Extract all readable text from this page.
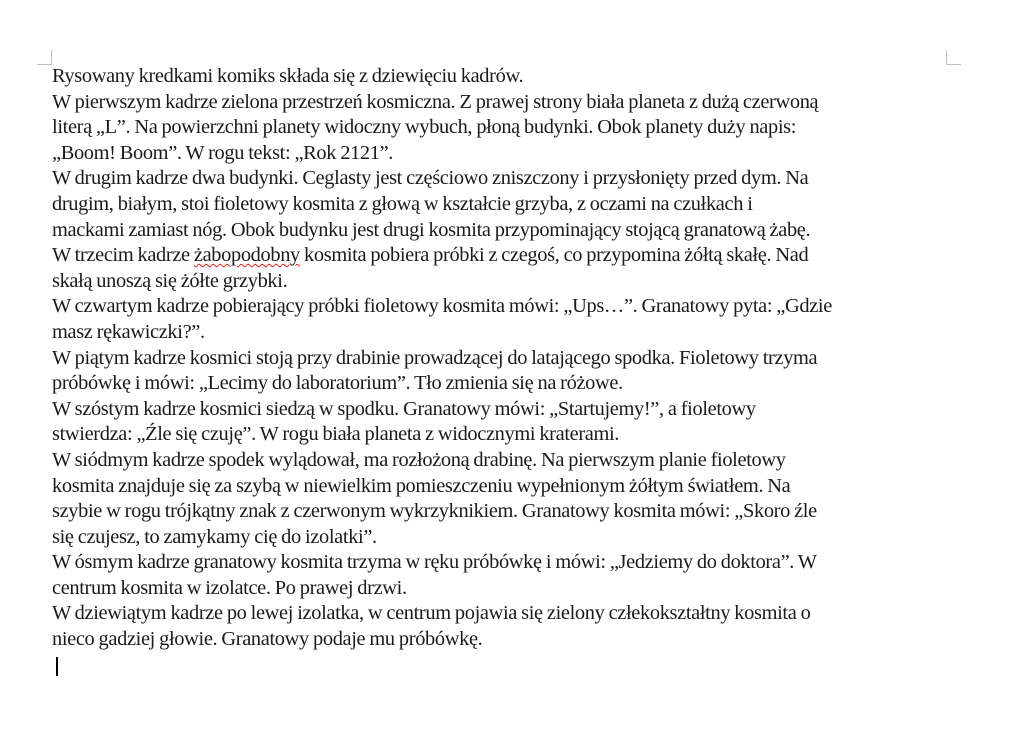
Rysowany kredkami komiks składa się z dziewięciu kadrów.

W pierwszym kadrze zielona przestrzeń kosmiczna. Z prawej strony biała planeta z dużą czerwoną
literą „L”. Na powierzchni planety widoczny wybuch, płoną budynki. Obok planety duży napis:
„Boom! Boom”. W rogu tekst: „Rok 2121”.

W drugim kadrze dwa budynki. Ceglasty jest częściowo zniszczony i przysłonięty przed dym. Na
drugim, białym, stoi fioletowy kosmita z głową w kształcie grzyba, z oczami na czułkach i
mackami zamiast nóg. Obok budynku jest drugi kosmita przypominający stojącą granatową żabę.

W trzecim kadrze żabopodobny kosmita pobiera próbki z czegoś, co przypomina żółtą skałę. Nad
skałą unoszą się żółte grzybki.

W czwartym kadrze pobierający próbki fioletowy kosmita mówi: „Ups…”. Granatowy pyta: „Gdzie
masz rękawiczki?”.

W piątym kadrze kosmici stoją przy drabinie prowadzącej do latającego spodka. Fioletowy trzyma
próbówkę i mówi: „Lecimy do laboratorium”. Tło zmienia się na różowe.

W szóstym kadrze kosmici siedzą w spodku. Granatowy mówi: „Startujemy!”, a fioletowy
stwierdza: „Źle się czuję”. W rogu biała planeta z widocznymi kraterami.

W siódmym kadrze spodek wylądował, ma rozłożoną drabinę. Na pierwszym planie fioletowy
kosmita znajduje się za szybą w niewielkim pomieszczeniu wypełnionym żółtym światłem. Na
szybie w rogu trójkątny znak z czerwonym wykrzyknikiem. Granatowy kosmita mówi: „Skoro źle
się czujesz, to zamykamy cię do izolatki”.

W ósmym kadrze granatowy kosmita trzyma w ręku próbówkę i mówi: „Jedziemy do doktora”. W
centrum kosmita w izolatce. Po prawej drzwi.

W dziewiątym kadrze po lewej izolatka, w centrum pojawia się zielony człekokształtny kosmita o
nieco gadziej głowie. Granatowy podaje mu próbówkę.
